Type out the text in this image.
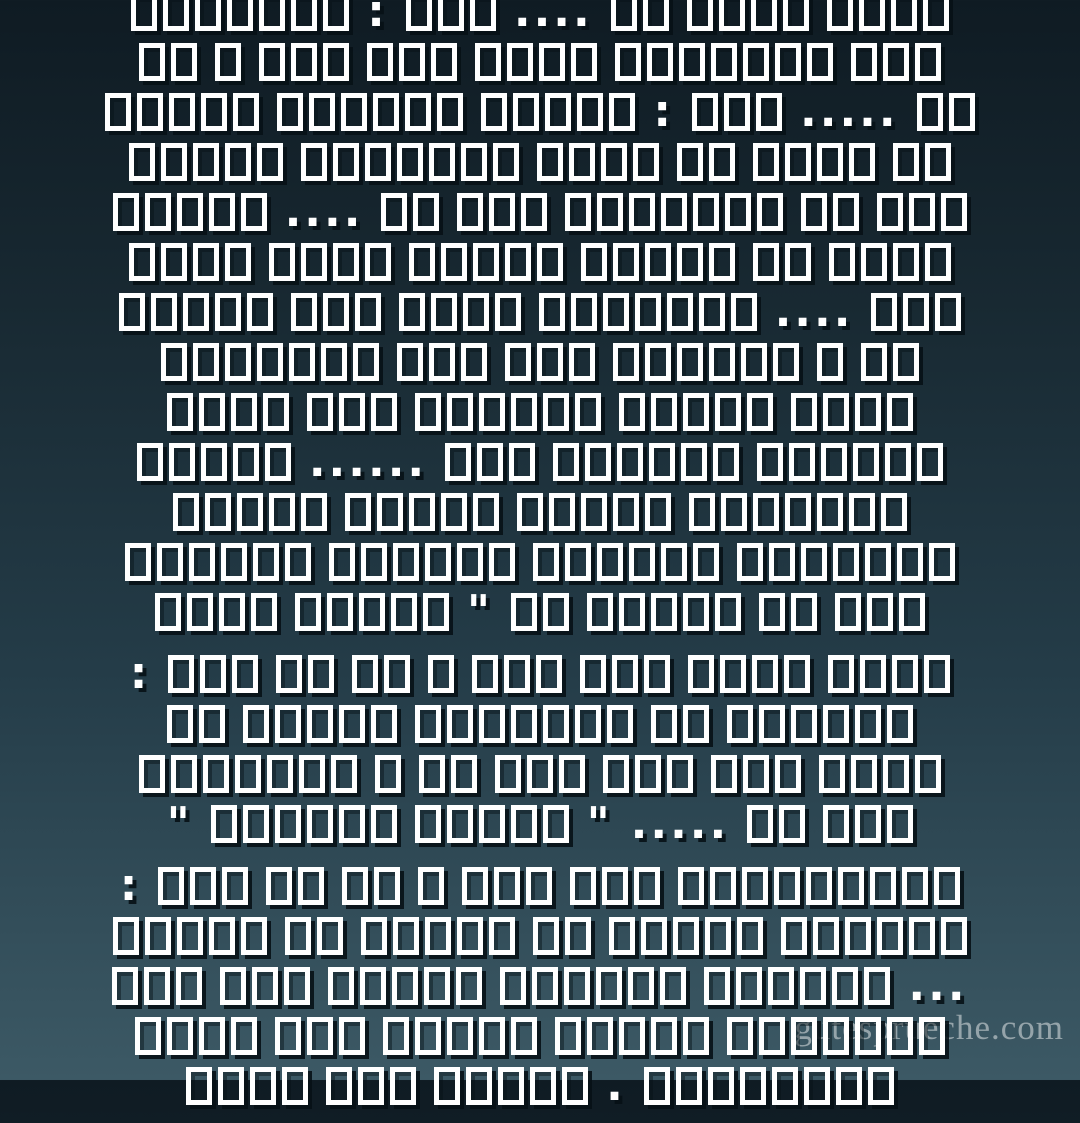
gutesprueche.com
:	....
:	.....
....
....
......
"
:
"	" .....
:
...
.
